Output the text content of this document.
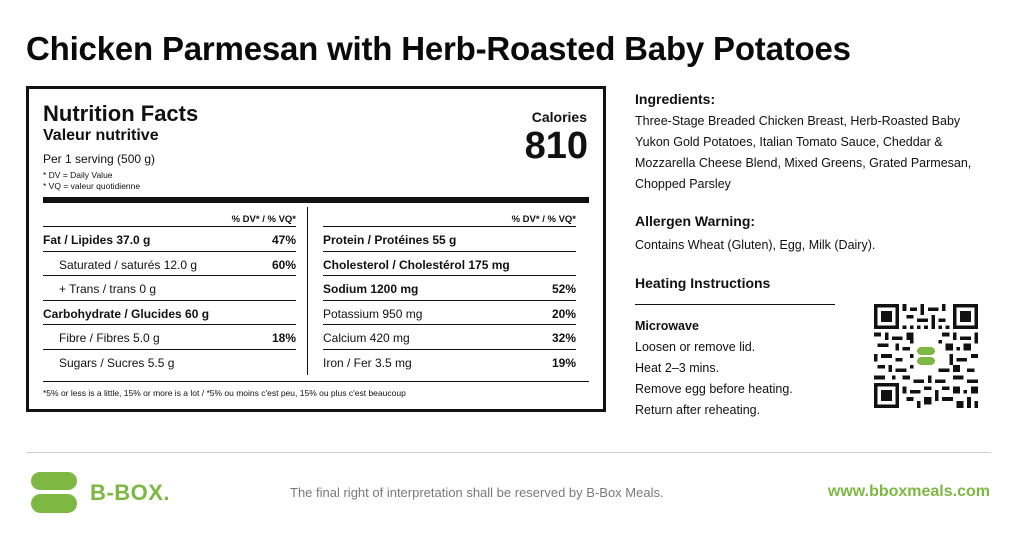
Chicken Parmesan with Herb-Roasted Baby Potatoes
Nutrition Facts
Valeur nutritive
Per 1 serving (500 g)
* DV = Daily Value
* VQ = valeur quotidienne
Calories
810
% DV* / % VQ*
Fat / Lipides 37.0 g	47%
Saturated / saturés 12.0 g	60%
+ Trans / trans 0 g
Carbohydrate / Glucides 60 g
Fibre / Fibres 5.0 g	18%
Sugars / Sucres 5.5 g
% DV* / % VQ*
Protein / Protéines 55 g
Cholesterol / Cholestérol 175 mg
Sodium 1200 mg	52%
Potassium 950 mg	20%
Calcium 420 mg	32%
Iron / Fer 3.5 mg	19%
*5% or less is a little, 15% or more is a lot / *5% ou moins c'est peu, 15% ou plus c'est beaucoup
Ingredients:
Three-Stage Breaded Chicken Breast, Herb-Roasted Baby Yukon Gold Potatoes, Italian Tomato Sauce, Cheddar & Mozzarella Cheese Blend, Mixed Greens, Grated Parmesan, Chopped Parsley
Allergen Warning:
Contains Wheat (Gluten), Egg, Milk (Dairy).
Heating Instructions
Microwave
Loosen or remove lid.
Heat 2–3 mins.
Remove egg before heating.
Return after reheating.
B-BOX.	The final right of interpretation shall be reserved by B-Box Meals.	www.bboxmeals.com
